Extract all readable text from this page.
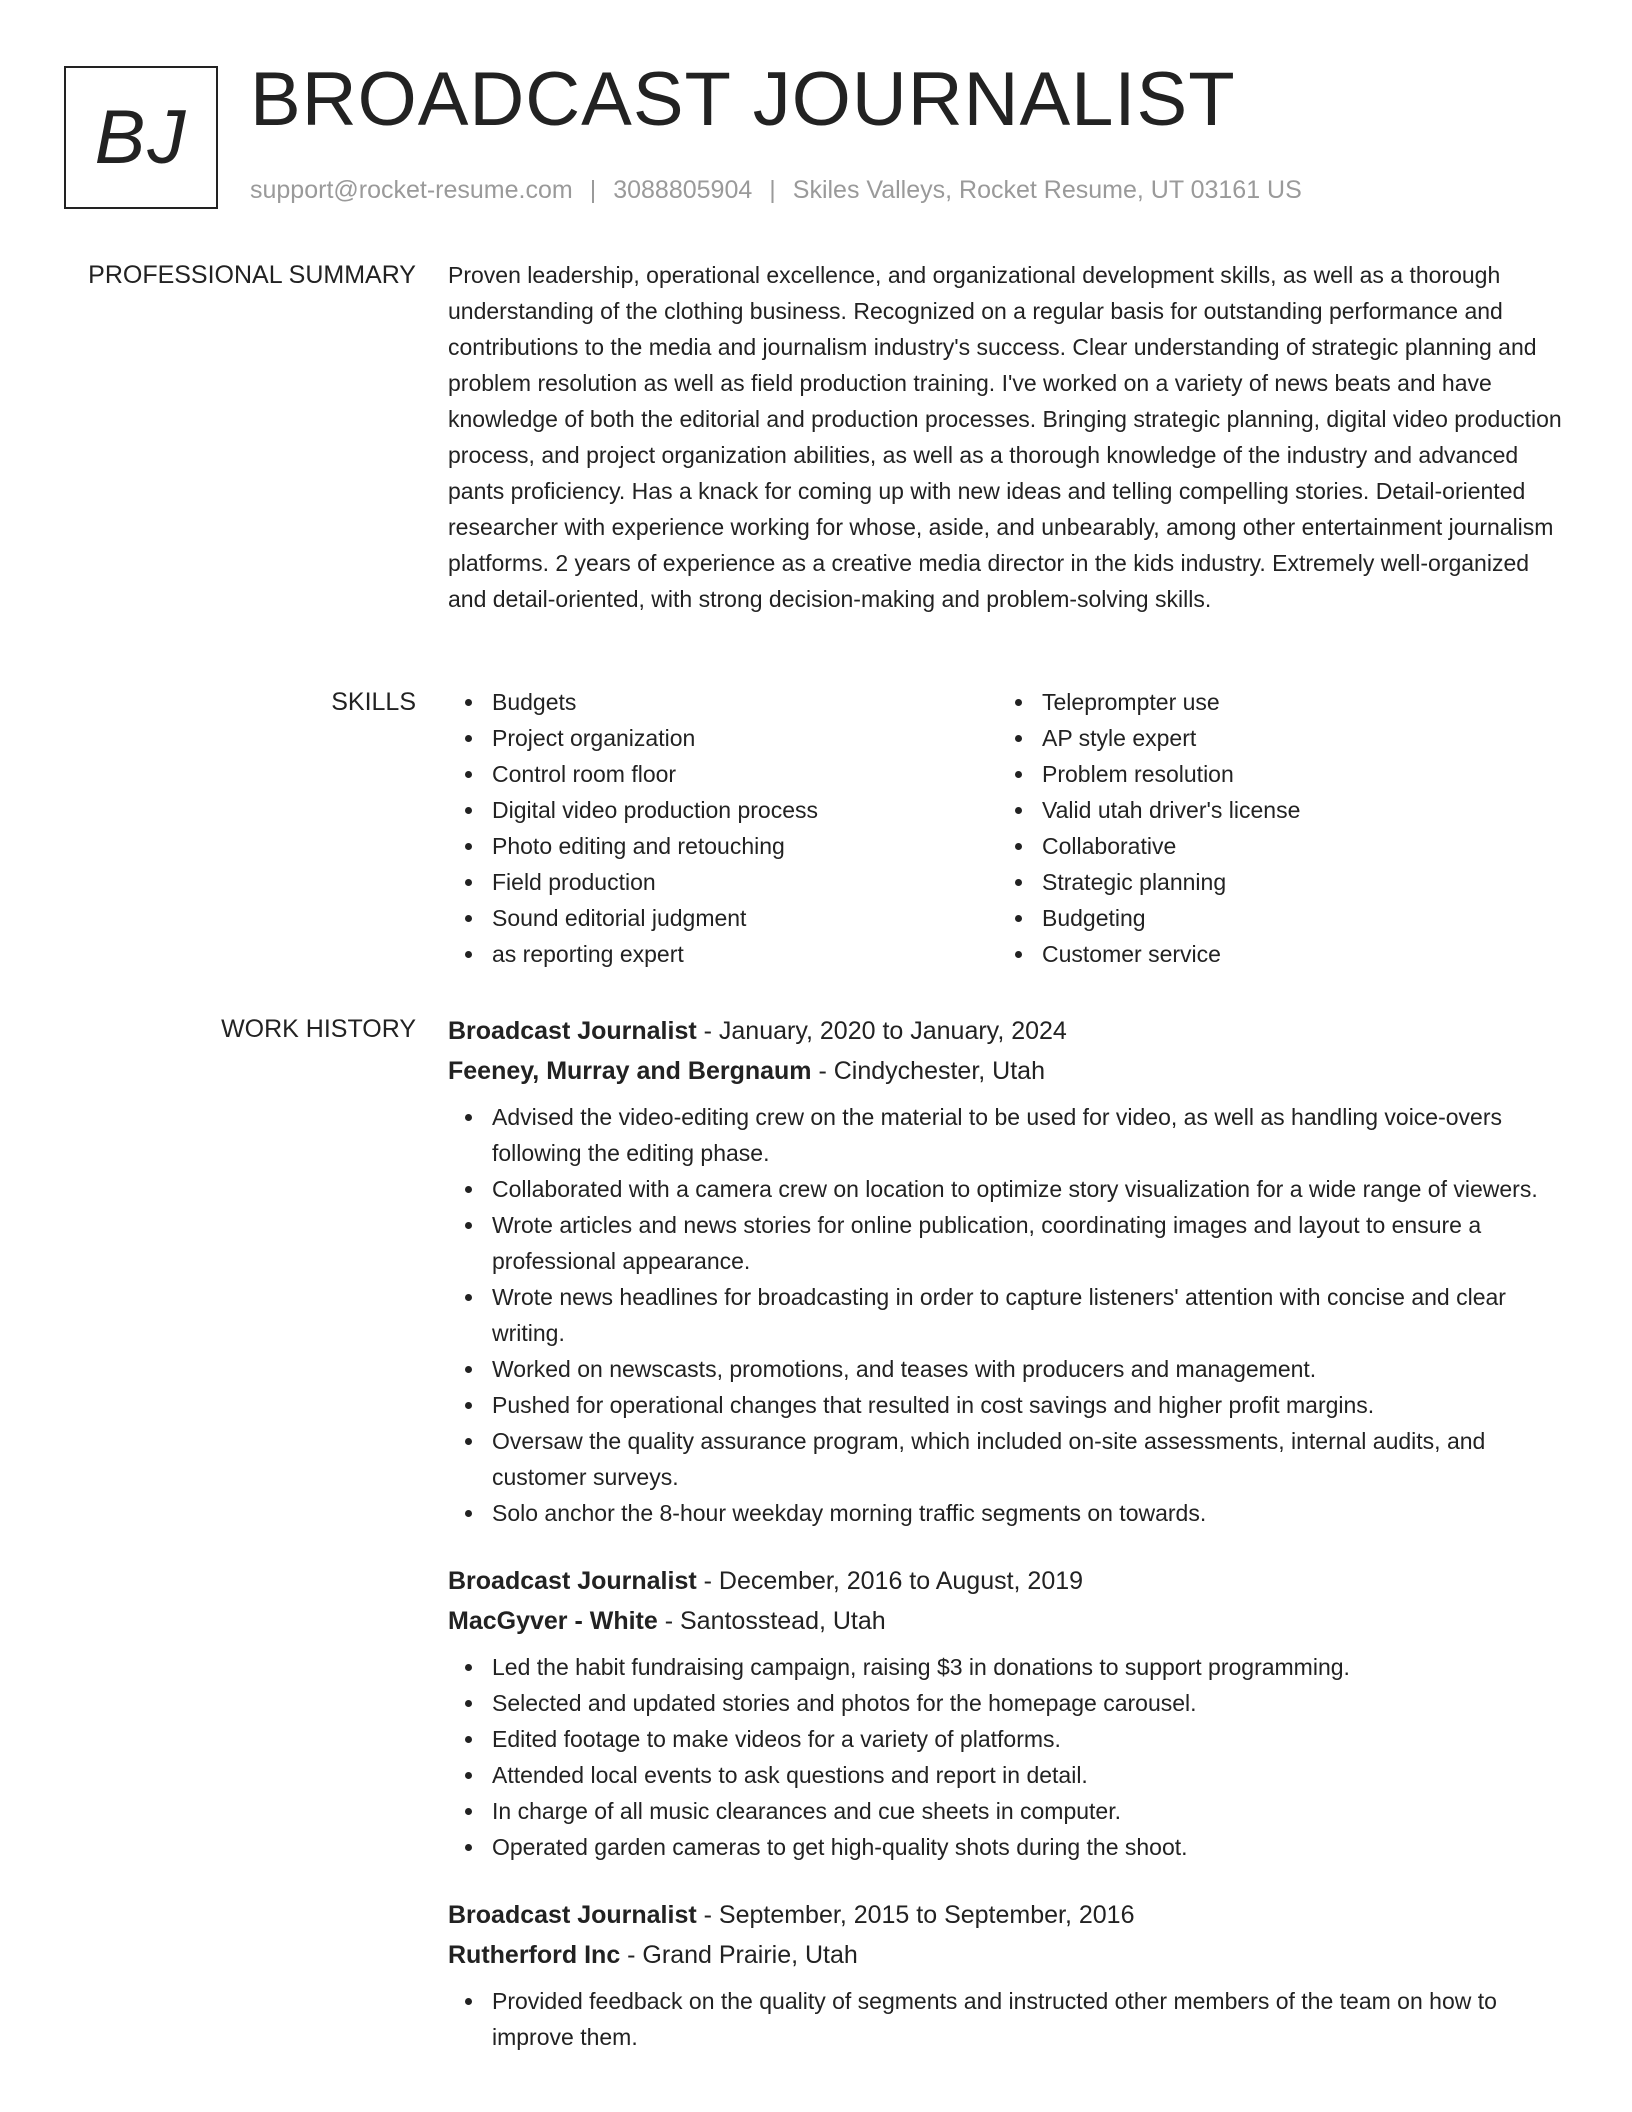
BJ BROADCAST JOURNALIST
support@rocket-resume.com | 3088805904 | Skiles Valleys, Rocket Resume, UT 03161 US
PROFESSIONAL SUMMARY Proven leadership, operational excellence, and organizational development skills, as well as a thorough understanding of the clothing business. Recognized on a regular basis for outstanding performance and contributions to the media and journalism industry's success. Clear understanding of strategic planning and problem resolution as well as field production training. I've worked on a variety of news beats and have knowledge of both the editorial and production processes. Bringing strategic planning, digital video production process, and project organization abilities, as well as a thorough knowledge of the industry and advanced pants proficiency. Has a knack for coming up with new ideas and telling compelling stories. Detail-oriented researcher with experience working for whose, aside, and unbearably, among other entertainment journalism platforms. 2 years of experience as a creative media director in the kids industry. Extremely well-organized and detail-oriented, with strong decision-making and problem-solving skills.

SKILLS	Budgets
Project organization
Control room floor
Digital video production process
Photo editing and retouching
Field production
Sound editorial judgment
as reporting expert
Teleprompter use
AP style expert
Problem resolution
Valid utah driver's license
Collaborative
Strategic planning
Budgeting
Customer service
WORK HISTORY Broadcast Journalist - January, 2020 to January, 2024
Feeney, Murray and Bergnaum - Cindychester, Utah
Advised the video-editing crew on the material to be used for video, as well as handling voice-overs following the editing phase.
Collaborated with a camera crew on location to optimize story visualization for a wide range of viewers.
Wrote articles and news stories for online publication, coordinating images and layout to ensure a professional appearance.
Wrote news headlines for broadcasting in order to capture listeners' attention with concise and clear writing.
Worked on newscasts, promotions, and teases with producers and management.
Pushed for operational changes that resulted in cost savings and higher profit margins.
Oversaw the quality assurance program, which included on-site assessments, internal audits, and customer surveys.
Solo anchor the 8-hour weekday morning traffic segments on towards.
Broadcast Journalist - December, 2016 to August, 2019
MacGyver - White - Santosstead, Utah
Led the habit fundraising campaign, raising $3 in donations to support programming.
Selected and updated stories and photos for the homepage carousel.
Edited footage to make videos for a variety of platforms.
Attended local events to ask questions and report in detail.
In charge of all music clearances and cue sheets in computer.
Operated garden cameras to get high-quality shots during the shoot.
Broadcast Journalist - September, 2015 to September, 2016
Rutherford Inc - Grand Prairie, Utah
Provided feedback on the quality of segments and instructed other members of the team on how to improve them.
